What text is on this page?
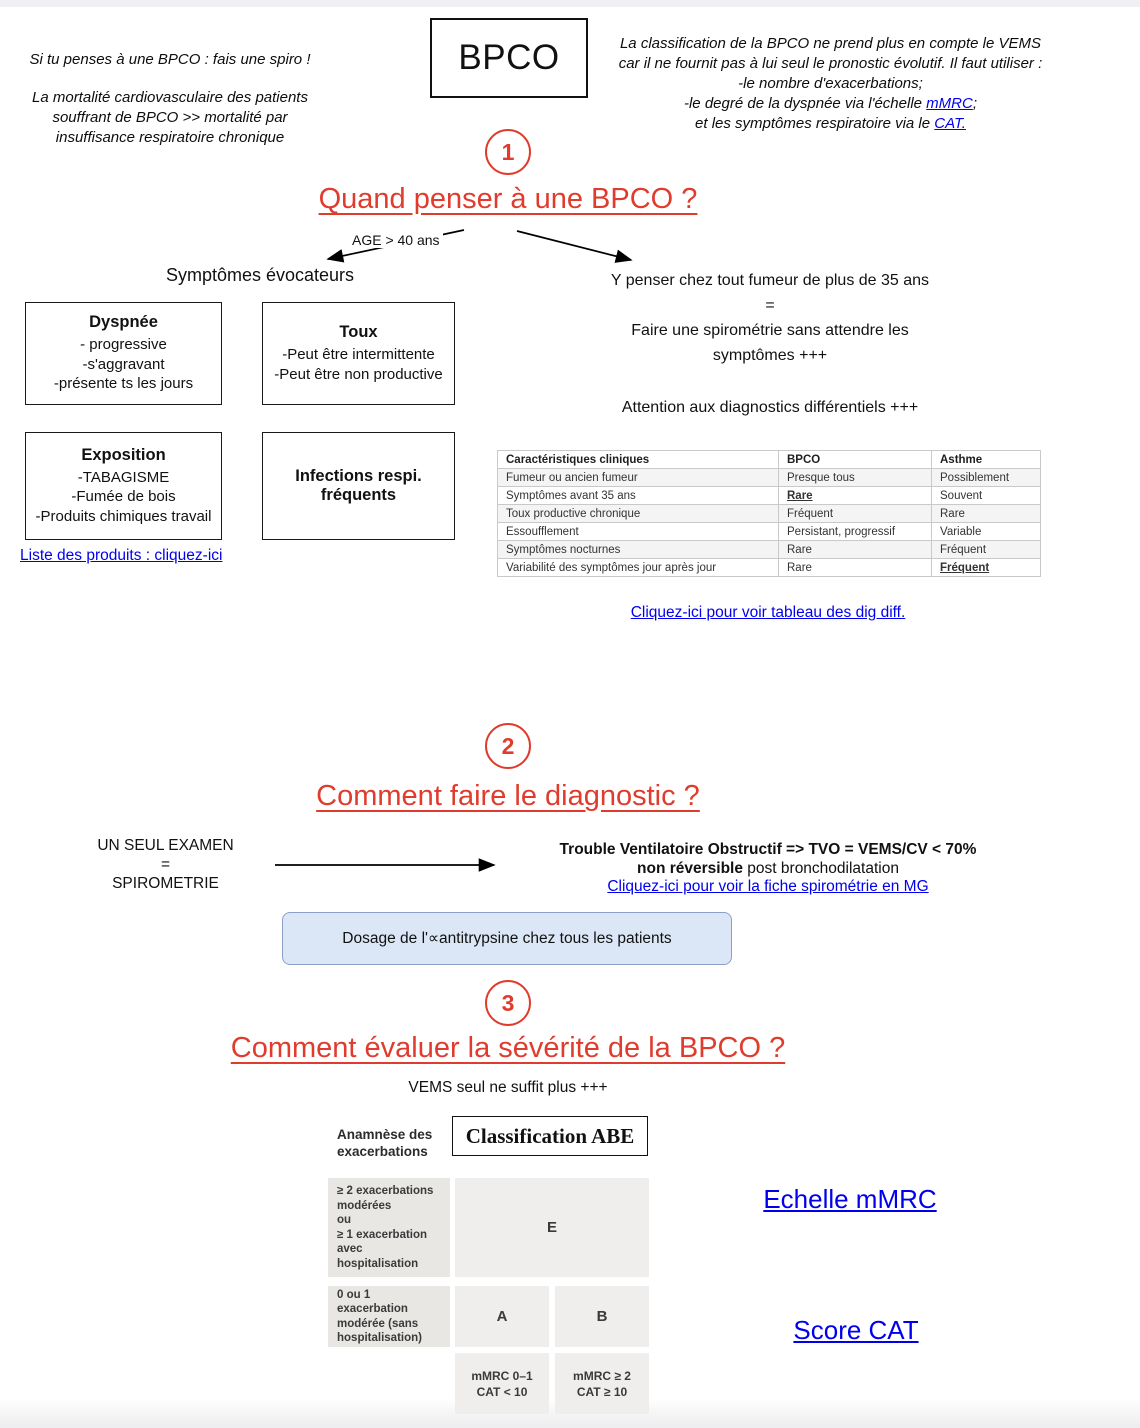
Si tu penses à une BPCO : fais une spiro !
La mortalité cardiovasculaire des patients
souffrant de BPCO >> mortalité par
insuffisance respiratoire chronique
BPCO	La classification de la BPCO ne prend plus en compte le VEMS
car il ne fournit pas à lui seul le pronostic évolutif. Il faut utiliser :
-le nombre d'exacerbations;
-le degré de la dyspnée via l'échelle mMRC;
et les symptômes respiratoire via le CAT.
1
Quand penser à une BPCO ?
AGE > 40 ans
Symptômes évocateurs
Dyspnée
- progressive
-s'aggravant
-présente ts les jours
Toux
-Peut être intermittente
-Peut être non productive
Exposition
-TABAGISME
-Fumée de bois
-Produits chimiques travail
Infections respi.
fréquents
Liste des produits : cliquez-ici
Y penser chez tout fumeur de plus de 35 ans
=
Faire une spirométrie sans attendre les
symptômes +++
Attention aux diagnostics différentiels +++
Caractéristiques cliniques	BPCO	Asthme
Fumeur ou ancien fumeur	Presque tous	Possiblement
Symptômes avant 35 ans	Rare	Souvent
Toux productive chronique	Fréquent	Rare
Essoufflement	Persistant, progressif	Variable
Symptômes nocturnes	Rare	Fréquent
Variabilité des symptômes jour après jour	Rare	Fréquent
Cliquez-ici pour voir tableau des dig diff.
2
Comment faire le diagnostic ?
UN SEUL EXAMEN
=
SPIROMETRIE
Trouble Ventilatoire Obstructif => TVO = VEMS/CV < 70%
non réversible post bronchodilatation
Cliquez-ici pour voir la fiche spirométrie en MG
Dosage de l'∝antitrypsine chez tous les patients
3
Comment évaluer la sévérité de la BPCO ?
VEMS seul ne suffit plus +++
Anamnèse des
exacerbations
Classification ABE
≥ 2 exacerbations
modérées
ou
≥ 1 exacerbation
avec hospitalisation
E
0 ou 1 exacerbation
modérée (sans
hospitalisation)
A	B
mMRC 0–1
CAT < 10
mMRC ≥ 2
CAT ≥ 10
Echelle mMRC
Score CAT
